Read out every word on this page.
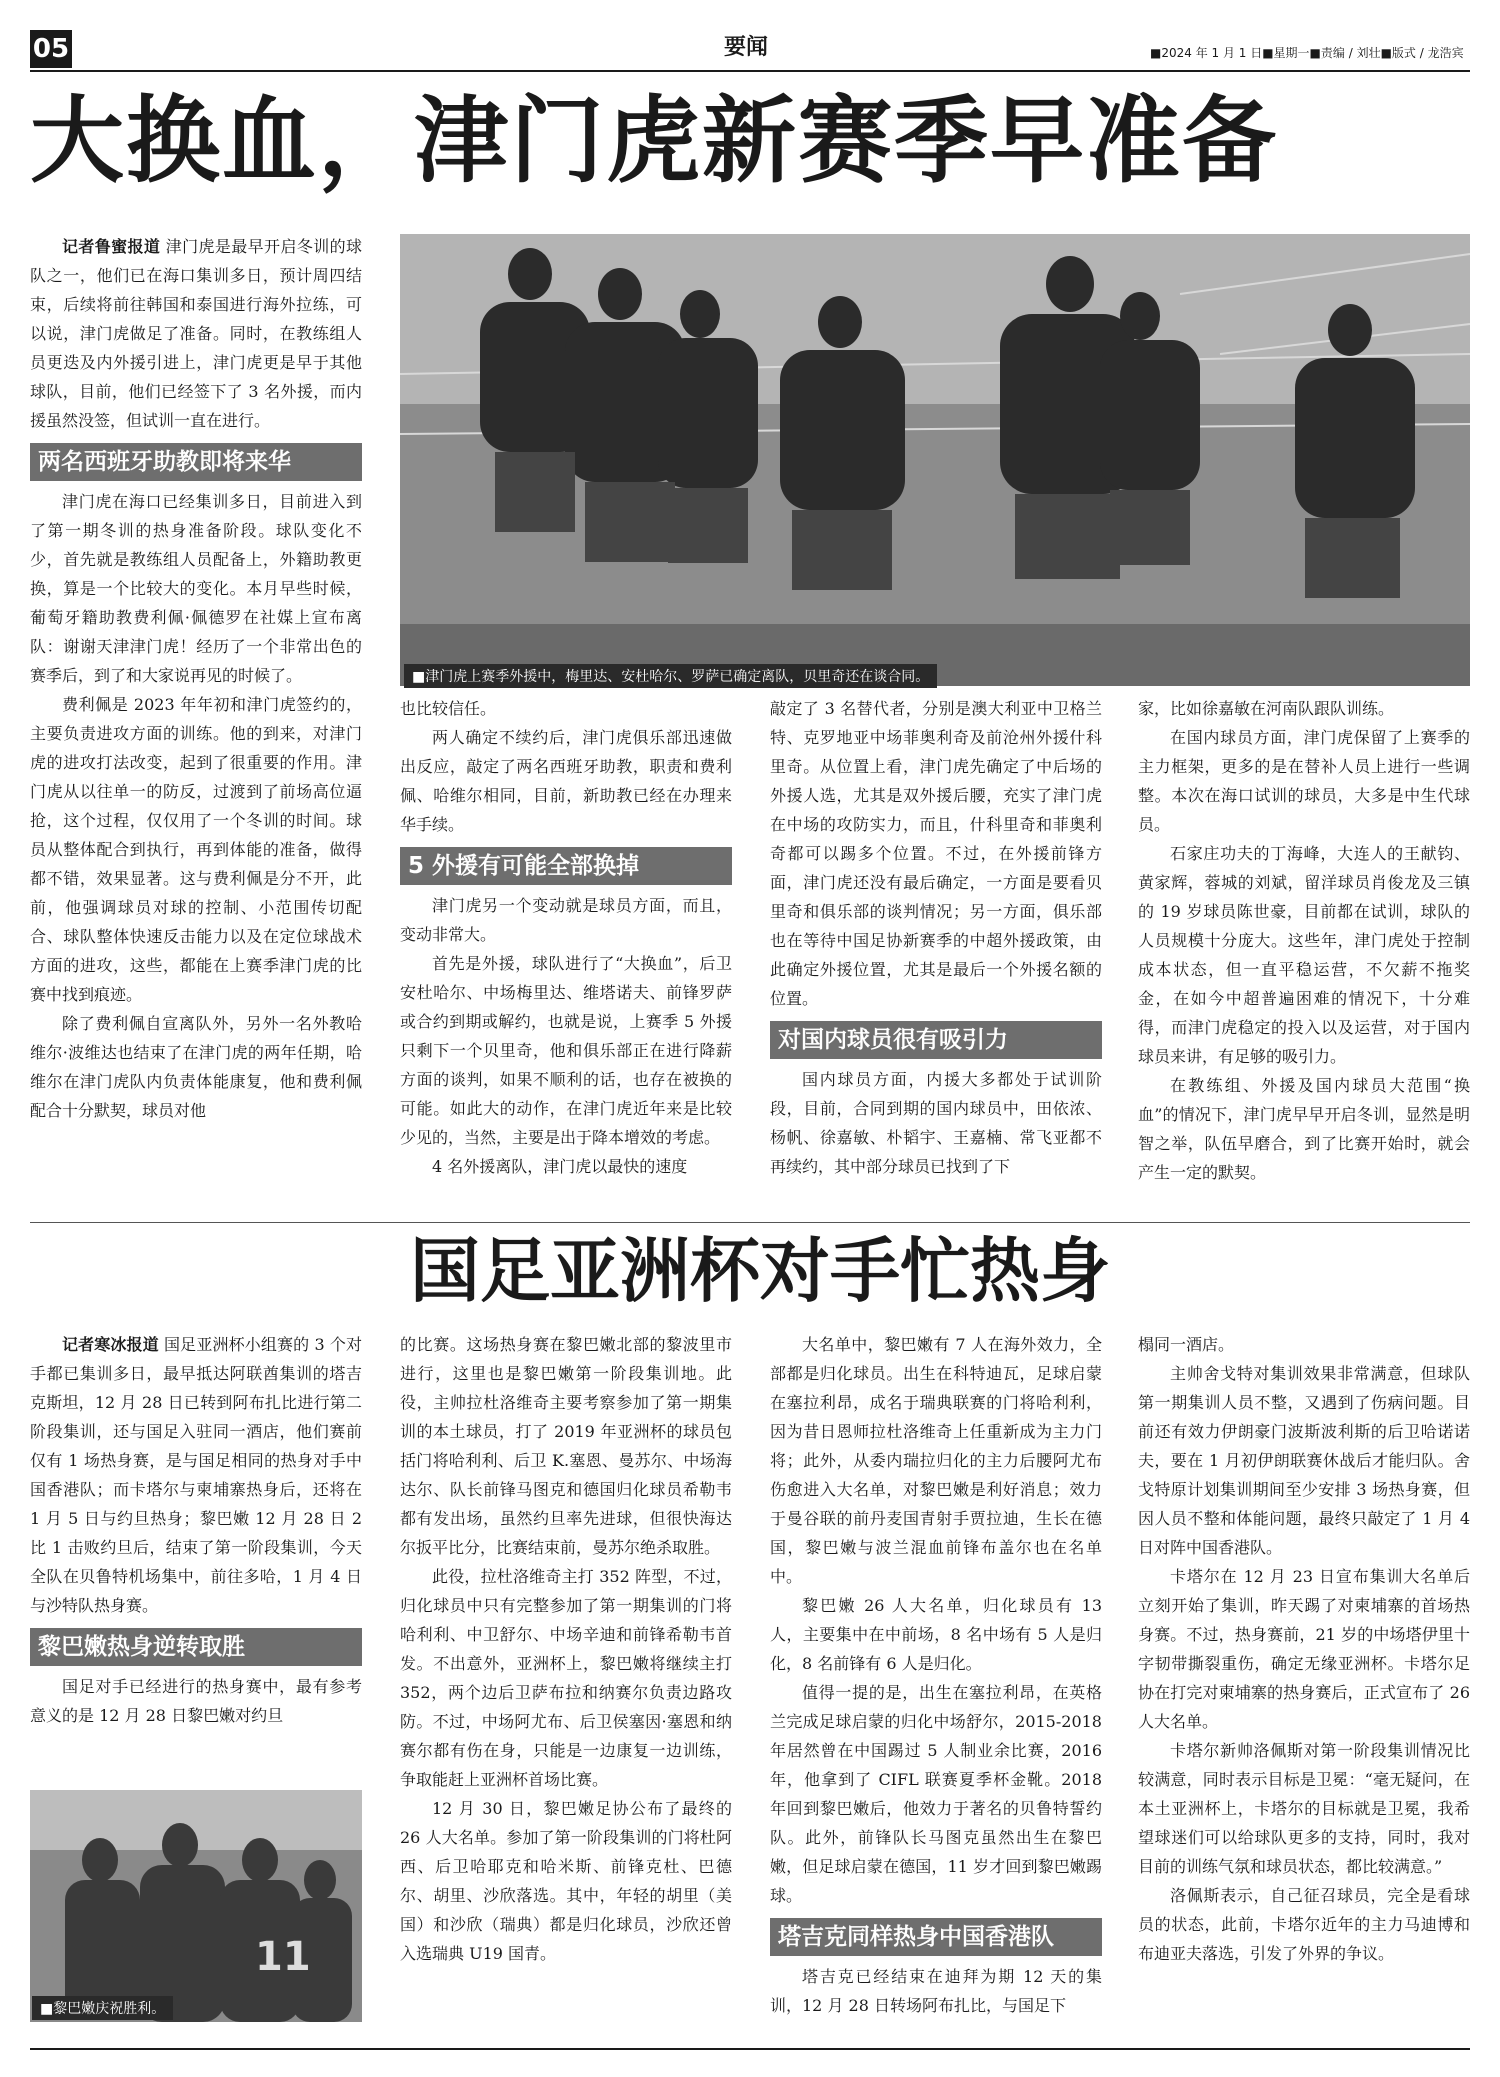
05	要闻	■2024 年 1 月 1 日■星期一■责编 / 刘壮■版式 / 龙浩宾
大换血，津门虎新赛季早准备
■津门虎上赛季外援中，梅里达、安杜哈尔、罗萨已确定离队，贝里奇还在谈合同。

记者鲁蜜报道 津门虎是最早开启冬训的球队之一，他们已在海口集训多日，预计周四结束，后续将前往韩国和泰国进行海外拉练，可以说，津门虎做足了准备。同时，在教练组人员更迭及内外援引进上，津门虎更是早于其他球队，目前，他们已经签下了 3 名外援，而内援虽然没签，但试训一直在进行。

两名西班牙助教即将来华

津门虎在海口已经集训多日，目前进入到了第一期冬训的热身准备阶段。球队变化不少，首先就是教练组人员配备上，外籍助教更换，算是一个比较大的变化。本月早些时候，葡萄牙籍助教费利佩·佩德罗在社媒上宣布离队：谢谢天津津门虎！经历了一个非常出色的赛季后，到了和大家说再见的时候了。

费利佩是 2023 年年初和津门虎签约的，主要负责进攻方面的训练。他的到来，对津门虎的进攻打法改变，起到了很重要的作用。津门虎从以往单一的防反，过渡到了前场高位逼抢，这个过程，仅仅用了一个冬训的时间。球员从整体配合到执行，再到体能的准备，做得都不错，效果显著。这与费利佩是分不开，此前，他强调球员对球的控制、小范围传切配合、球队整体快速反击能力以及在定位球战术方面的进攻，这些，都能在上赛季津门虎的比赛中找到痕迹。

除了费利佩自宣离队外，另外一名外教哈维尔·波维达也结束了在津门虎的两年任期，哈维尔在津门虎队内负责体能康复，他和费利佩配合十分默契，球员对他

也比较信任。

两人确定不续约后，津门虎俱乐部迅速做出反应，敲定了两名西班牙助教，职责和费利佩、哈维尔相同，目前，新助教已经在办理来华手续。

5 外援有可能全部换掉

津门虎另一个变动就是球员方面，而且，变动非常大。

首先是外援，球队进行了“大换血”，后卫安杜哈尔、中场梅里达、维塔诺夫、前锋罗萨或合约到期或解约，也就是说，上赛季 5 外援只剩下一个贝里奇，他和俱乐部正在进行降薪方面的谈判，如果不顺利的话，也存在被换的可能。如此大的动作，在津门虎近年来是比较少见的，当然，主要是出于降本增效的考虑。

4 名外援离队，津门虎以最快的速度

敲定了 3 名替代者，分别是澳大利亚中卫格兰特、克罗地亚中场菲奥利奇及前沧州外援什科里奇。从位置上看，津门虎先确定了中后场的外援人选，尤其是双外援后腰，充实了津门虎在中场的攻防实力，而且，什科里奇和菲奥利奇都可以踢多个位置。不过，在外援前锋方面，津门虎还没有最后确定，一方面是要看贝里奇和俱乐部的谈判情况；另一方面，俱乐部也在等待中国足协新赛季的中超外援政策，由此确定外援位置，尤其是最后一个外援名额的位置。

对国内球员很有吸引力

国内球员方面，内援大多都处于试训阶段，目前，合同到期的国内球员中，田依浓、杨帆、徐嘉敏、朴韬宇、王嘉楠、常飞亚都不再续约，其中部分球员已找到了下

家，比如徐嘉敏在河南队跟队训练。

在国内球员方面，津门虎保留了上赛季的主力框架，更多的是在替补人员上进行一些调整。本次在海口试训的球员，大多是中生代球员。

石家庄功夫的丁海峰，大连人的王献钧、黄家辉，蓉城的刘斌，留洋球员肖俊龙及三镇的 19 岁球员陈世豪，目前都在试训，球队的人员规模十分庞大。这些年，津门虎处于控制成本状态，但一直平稳运营，不欠薪不拖奖金，在如今中超普遍困难的情况下，十分难得，而津门虎稳定的投入以及运营，对于国内球员来讲，有足够的吸引力。

在教练组、外援及国内球员大范围“换血”的情况下，津门虎早早开启冬训，显然是明智之举，队伍早磨合，到了比赛开始时，就会产生一定的默契。

国足亚洲杯对手忙热身

记者寒冰报道 国足亚洲杯小组赛的 3 个对手都已集训多日，最早抵达阿联酋集训的塔吉克斯坦，12 月 28 日已转到阿布扎比进行第二阶段集训，还与国足入驻同一酒店，他们赛前仅有 1 场热身赛，是与国足相同的热身对手中国香港队；而卡塔尔与柬埔寨热身后，还将在 1 月 5 日与约旦热身；黎巴嫩 12 月 28 日 2 比 1 击败约旦后，结束了第一阶段集训，今天全队在贝鲁特机场集中，前往多哈，1 月 4 日与沙特队热身赛。

黎巴嫩热身逆转取胜

国足对手已经进行的热身赛中，最有参考意义的是 12 月 28 日黎巴嫩对约旦

11
■黎巴嫩庆祝胜利。

的比赛。这场热身赛在黎巴嫩北部的黎波里市进行，这里也是黎巴嫩第一阶段集训地。此役，主帅拉杜洛维奇主要考察参加了第一期集训的本土球员，打了 2019 年亚洲杯的球员包括门将哈利利、后卫 K.塞恩、曼苏尔、中场海达尔、队长前锋马图克和德国归化球员希勒韦都有发出场，虽然约旦率先进球，但很快海达尔扳平比分，比赛结束前，曼苏尔绝杀取胜。

此役，拉杜洛维奇主打 352 阵型，不过，归化球员中只有完整参加了第一期集训的门将哈利利、中卫舒尔、中场辛迪和前锋希勒韦首发。不出意外，亚洲杯上，黎巴嫩将继续主打 352，两个边后卫萨布拉和纳赛尔负责边路攻防。不过，中场阿尤布、后卫侯塞因·塞恩和纳赛尔都有伤在身，只能是一边康复一边训练，争取能赶上亚洲杯首场比赛。

12 月 30 日，黎巴嫩足协公布了最终的 26 人大名单。参加了第一阶段集训的门将杜阿西、后卫哈耶克和哈米斯、前锋克杜、巴德尔、胡里、沙欣落选。其中，年轻的胡里（美国）和沙欣（瑞典）都是归化球员，沙欣还曾入选瑞典 U19 国青。

大名单中，黎巴嫩有 7 人在海外效力，全部都是归化球员。出生在科特迪瓦，足球启蒙在塞拉利昂，成名于瑞典联赛的门将哈利利，因为昔日恩师拉杜洛维奇上任重新成为主力门将；此外，从委内瑞拉归化的主力后腰阿尤布伤愈进入大名单，对黎巴嫩是利好消息；效力于曼谷联的前丹麦国青射手贾拉迪，生长在德国，黎巴嫩与波兰混血前锋布盖尔也在名单中。

黎巴嫩 26 人大名单，归化球员有 13 人，主要集中在中前场，8 名中场有 5 人是归化，8 名前锋有 6 人是归化。

值得一提的是，出生在塞拉利昂，在英格兰完成足球启蒙的归化中场舒尔，2015-2018 年居然曾在中国踢过 5 人制业余比赛，2016 年，他拿到了 CIFL 联赛夏季杯金靴。2018 年回到黎巴嫩后，他效力于著名的贝鲁特誓约队。此外，前锋队长马图克虽然出生在黎巴嫩，但足球启蒙在德国，11 岁才回到黎巴嫩踢球。

塔吉克同样热身中国香港队

塔吉克已经结束在迪拜为期 12 天的集训，12 月 28 日转场阿布扎比，与国足下

榻同一酒店。

主帅舍戈特对集训效果非常满意，但球队第一期集训人员不整，又遇到了伤病问题。目前还有效力伊朗豪门波斯波利斯的后卫哈诺诺夫，要在 1 月初伊朗联赛休战后才能归队。舍戈特原计划集训期间至少安排 3 场热身赛，但因人员不整和体能问题，最终只敲定了 1 月 4 日对阵中国香港队。

卡塔尔在 12 月 23 日宣布集训大名单后立刻开始了集训，昨天踢了对柬埔寨的首场热身赛。不过，热身赛前，21 岁的中场塔伊里十字韧带撕裂重伤，确定无缘亚洲杯。卡塔尔足协在打完对柬埔寨的热身赛后，正式宣布了 26 人大名单。

卡塔尔新帅洛佩斯对第一阶段集训情况比较满意，同时表示目标是卫冕：“毫无疑问，在本土亚洲杯上，卡塔尔的目标就是卫冕，我希望球迷们可以给球队更多的支持，同时，我对目前的训练气氛和球员状态，都比较满意。”

洛佩斯表示，自己征召球员，完全是看球员的状态，此前，卡塔尔近年的主力马迪博和布迪亚夫落选，引发了外界的争议。
